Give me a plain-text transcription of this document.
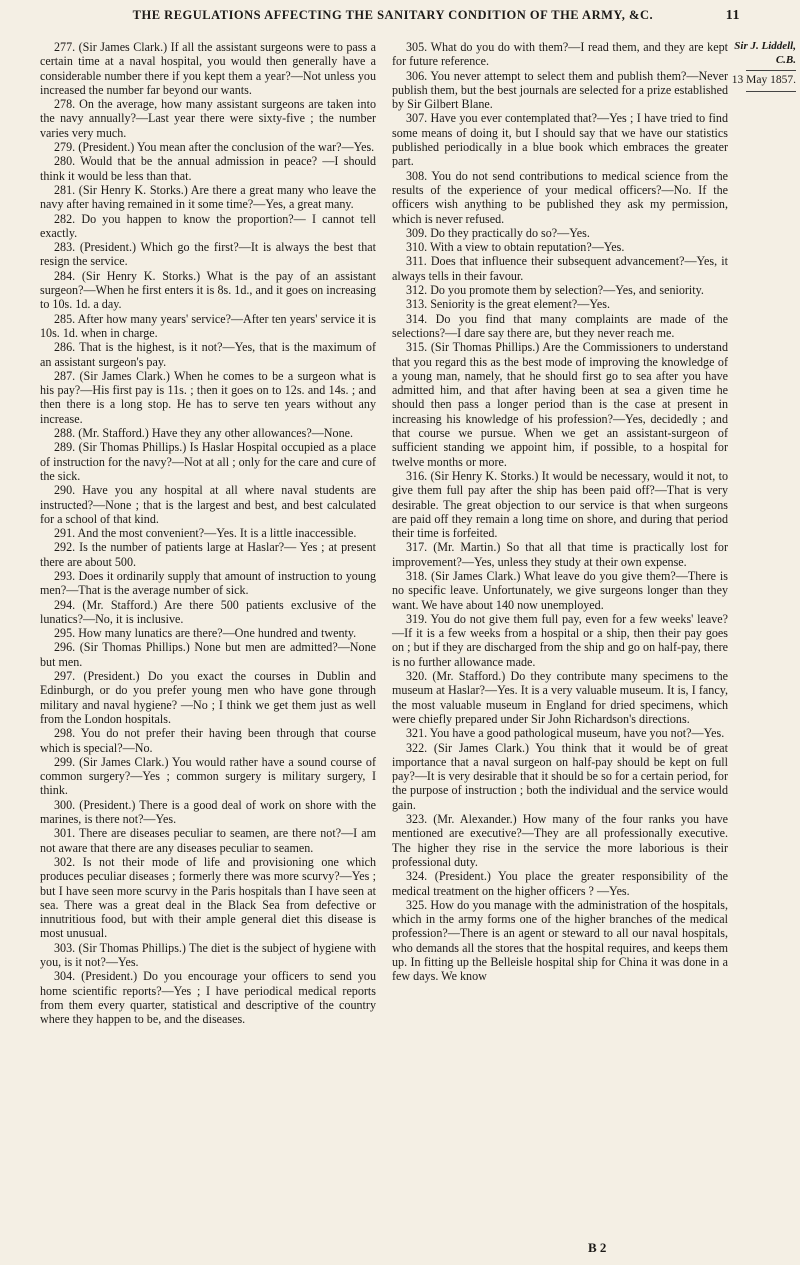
THE REGULATIONS AFFECTING THE SANITARY CONDITION OF THE ARMY, &C.	11

277. (Sir James Clark.) If all the assistant surgeons were to pass a certain time at a naval hospital, you would then generally have a considerable number there if you kept them a year?—Not unless you increased the number far beyond our wants.

278. On the average, how many assistant surgeons are taken into the navy annually?—Last year there were sixty-five ; the number varies very much.

279. (President.) You mean after the conclusion of the war?—Yes.

280. Would that be the annual admission in peace? —I should think it would be less than that.

281. (Sir Henry K. Storks.) Are there a great many who leave the navy after having remained in it some time?—Yes, a great many.

282. Do you happen to know the proportion?— I cannot tell exactly.

283. (President.) Which go the first?—It is always the best that resign the service.

284. (Sir Henry K. Storks.) What is the pay of an assistant surgeon?—When he first enters it is 8s. 1d., and it goes on increasing to 10s. 1d. a day.

285. After how many years' service?—After ten years' service it is 10s. 1d. when in charge.

286. That is the highest, is it not?—Yes, that is the maximum of an assistant surgeon's pay.

287. (Sir James Clark.) When he comes to be a surgeon what is his pay?—His first pay is 11s. ; then it goes on to 12s. and 14s. ; and then there is a long stop. He has to serve ten years without any increase.

288. (Mr. Stafford.) Have they any other allowances?—None.

289. (Sir Thomas Phillips.) Is Haslar Hospital occupied as a place of instruction for the navy?—Not at all ; only for the care and cure of the sick.

290. Have you any hospital at all where naval students are instructed?—None ; that is the largest and best, and best calculated for a school of that kind.

291. And the most convenient?—Yes. It is a little inaccessible.

292. Is the number of patients large at Haslar?— Yes ; at present there are about 500.

293. Does it ordinarily supply that amount of instruction to young men?—That is the average number of sick.

294. (Mr. Stafford.) Are there 500 patients exclusive of the lunatics?—No, it is inclusive.

295. How many lunatics are there?—One hundred and twenty.

296. (Sir Thomas Phillips.) None but men are admitted?—None but men.

297. (President.) Do you exact the courses in Dublin and Edinburgh, or do you prefer young men who have gone through military and naval hygiene? —No ; I think we get them just as well from the London hospitals.

298. You do not prefer their having been through that course which is special?—No.

299. (Sir James Clark.) You would rather have a sound course of common surgery?—Yes ; common surgery is military surgery, I think.

300. (President.) There is a good deal of work on shore with the marines, is there not?—Yes.

301. There are diseases peculiar to seamen, are there not?—I am not aware that there are any diseases peculiar to seamen.

302. Is not their mode of life and provisioning one which produces peculiar diseases ; formerly there was more scurvy?—Yes ; but I have seen more scurvy in the Paris hospitals than I have seen at sea. There was a great deal in the Black Sea from defective or innutritious food, but with their ample general diet this disease is most unusual.

303. (Sir Thomas Phillips.) The diet is the subject of hygiene with you, is it not?—Yes.

304. (President.) Do you encourage your officers to send you home scientific reports?—Yes ; I have periodical medical reports from them every quarter, statistical and descriptive of the country where they happen to be, and the diseases.

305. What do you do with them?—I read them, and they are kept for future reference.

306. You never attempt to select them and publish them?—Never publish them, but the best journals are selected for a prize established by Sir Gilbert Blane.

307. Have you ever contemplated that?—Yes ; I have tried to find some means of doing it, but I should say that we have our statistics published periodically in a blue book which embraces the greater part.

308. You do not send contributions to medical science from the results of the experience of your medical officers?—No. If the officers wish anything to be published they ask my permission, which is never refused.

309. Do they practically do so?—Yes.

310. With a view to obtain reputation?—Yes.

311. Does that influence their subsequent advancement?—Yes, it always tells in their favour.

312. Do you promote them by selection?—Yes, and seniority.

313. Seniority is the great element?—Yes.

314. Do you find that many complaints are made of the selections?—I dare say there are, but they never reach me.

315. (Sir Thomas Phillips.) Are the Commissioners to understand that you regard this as the best mode of improving the knowledge of a young man, namely, that he should first go to sea after you have admitted him, and that after having been at sea a given time he should then pass a longer period than is the case at present in increasing his knowledge of his profession?—Yes, decidedly ; and that course we pursue. When we get an assistant-surgeon of sufficient standing we appoint him, if possible, to a hospital for twelve months or more.

316. (Sir Henry K. Storks.) It would be necessary, would it not, to give them full pay after the ship has been paid off?—That is very desirable. The great objection to our service is that when surgeons are paid off they remain a long time on shore, and during that period their time is forfeited.

317. (Mr. Martin.) So that all that time is practically lost for improvement?—Yes, unless they study at their own expense.

318. (Sir James Clark.) What leave do you give them?—There is no specific leave. Unfortunately, we give surgeons longer than they want. We have about 140 now unemployed.

319. You do not give them full pay, even for a few weeks' leave?—If it is a few weeks from a hospital or a ship, then their pay goes on ; but if they are discharged from the ship and go on half-pay, there is no further allowance made.

320. (Mr. Stafford.) Do they contribute many specimens to the museum at Haslar?—Yes. It is a very valuable museum. It is, I fancy, the most valuable museum in England for dried specimens, which were chiefly prepared under Sir John Richardson's directions.

321. You have a good pathological museum, have you not?—Yes.

322. (Sir James Clark.) You think that it would be of great importance that a naval surgeon on half-pay should be kept on full pay?—It is very desirable that it should be so for a certain period, for the purpose of instruction ; both the individual and the service would gain.

323. (Mr. Alexander.) How many of the four ranks you have mentioned are executive?—They are all professionally executive. The higher they rise in the service the more laborious is their professional duty.

324. (President.) You place the greater responsibility of the medical treatment on the higher officers ? —Yes.

325. How do you manage with the administration of the hospitals, which in the army forms one of the higher branches of the medical profession?—There is an agent or steward to all our naval hospitals, who demands all the stores that the hospital requires, and keeps them up. In fitting up the Belleisle hospital ship for China it was done in a few days. We know

Sir J. Liddell,
C.B.
13 May 1857.
B 2
